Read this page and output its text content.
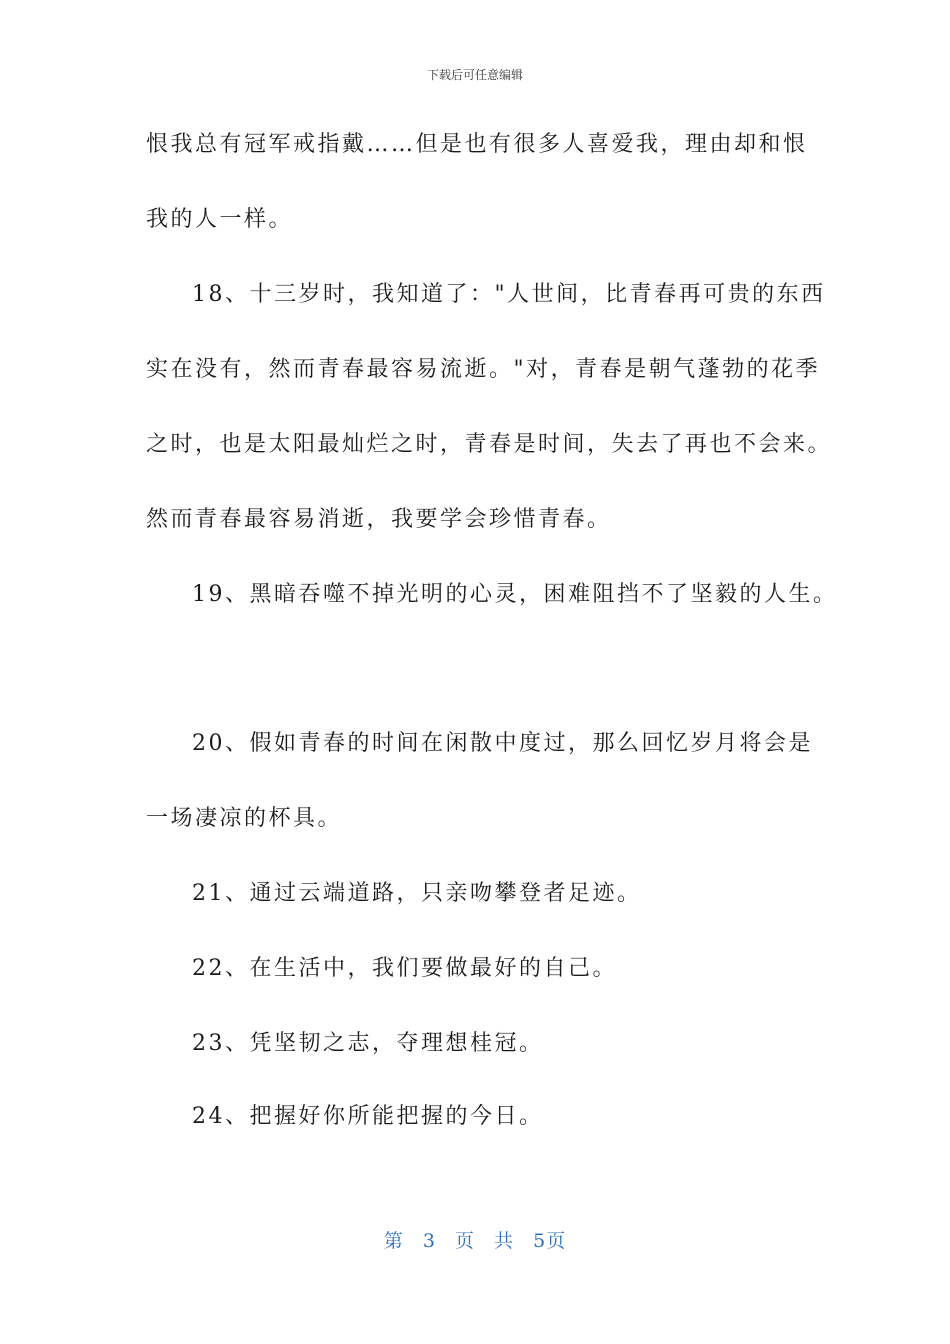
下载后可任意编辑
恨我总有冠军戒指戴……但是也有很多人喜爱我，理由却和恨
我的人一样。
18、十三岁时，我知道了："人世间，比青春再可贵的东西
实在没有，然而青春最容易流逝。"对，青春是朝气蓬勃的花季
之时，也是太阳最灿烂之时，青春是时间，失去了再也不会来。
然而青春最容易消逝，我要学会珍惜青春。
19、黑暗吞噬不掉光明的心灵，困难阻挡不了坚毅的人生。
20、假如青春的时间在闲散中度过，那么回忆岁月将会是
一场凄凉的杯具。
21、通过云端道路，只亲吻攀登者足迹。
22、在生活中，我们要做最好的自己。
23、凭坚韧之志，夺理想桂冠。
24、把握好你所能把握的今日。
第 3 页 共 5页
